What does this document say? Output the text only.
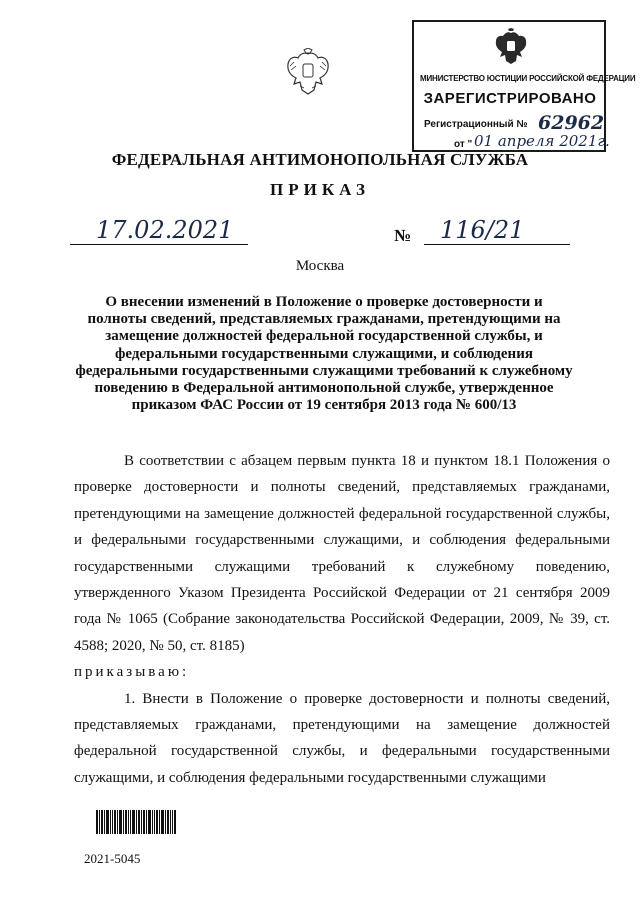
МИНИСТЕРСТВО ЮСТИЦИИ РОССИЙСКОЙ ФЕДЕРАЦИИ
ЗАРЕГИСТРИРОВАНО
Регистрационный № 62962
от " 01 апреля 2021г.
ФЕДЕРАЛЬНАЯ АНТИМОНОПОЛЬНАЯ СЛУЖБА
ПРИКАЗ
17.02.2021	№ 116/21
Москва
О внесении изменений в Положение о проверке достоверности и полноты сведений, представляемых гражданами, претендующими на замещение должностей федеральной государственной службы, и федеральными государственными служащими, и соблюдения федеральными государственными служащими требований к служебному поведению в Федеральной антимонопольной службе, утвержденное приказом ФАС России от 19 сентября 2013 года № 600/13

В соответствии с абзацем первым пункта 18 и пунктом 18.1 Положения о проверке достоверности и полноты сведений, представляемых гражданами, претендующими на замещение должностей федеральной государственной службы, и федеральными государственными служащими, и соблюдения федеральными государственными служащими требований к служебному поведению, утвержденного Указом Президента Российской Федерации от 21 сентября 2009 года № 1065 (Собрание законодательства Российской Федерации, 2009, № 39, ст. 4588; 2020, № 50, ст. 8185)

приказываю:

1. Внести в Положение о проверке достоверности и полноты сведений, представляемых гражданами, претендующими на замещение должностей федеральной государственной службы, и федеральными государственными служащими, и соблюдения федеральными государственными служащими

2021-5045
